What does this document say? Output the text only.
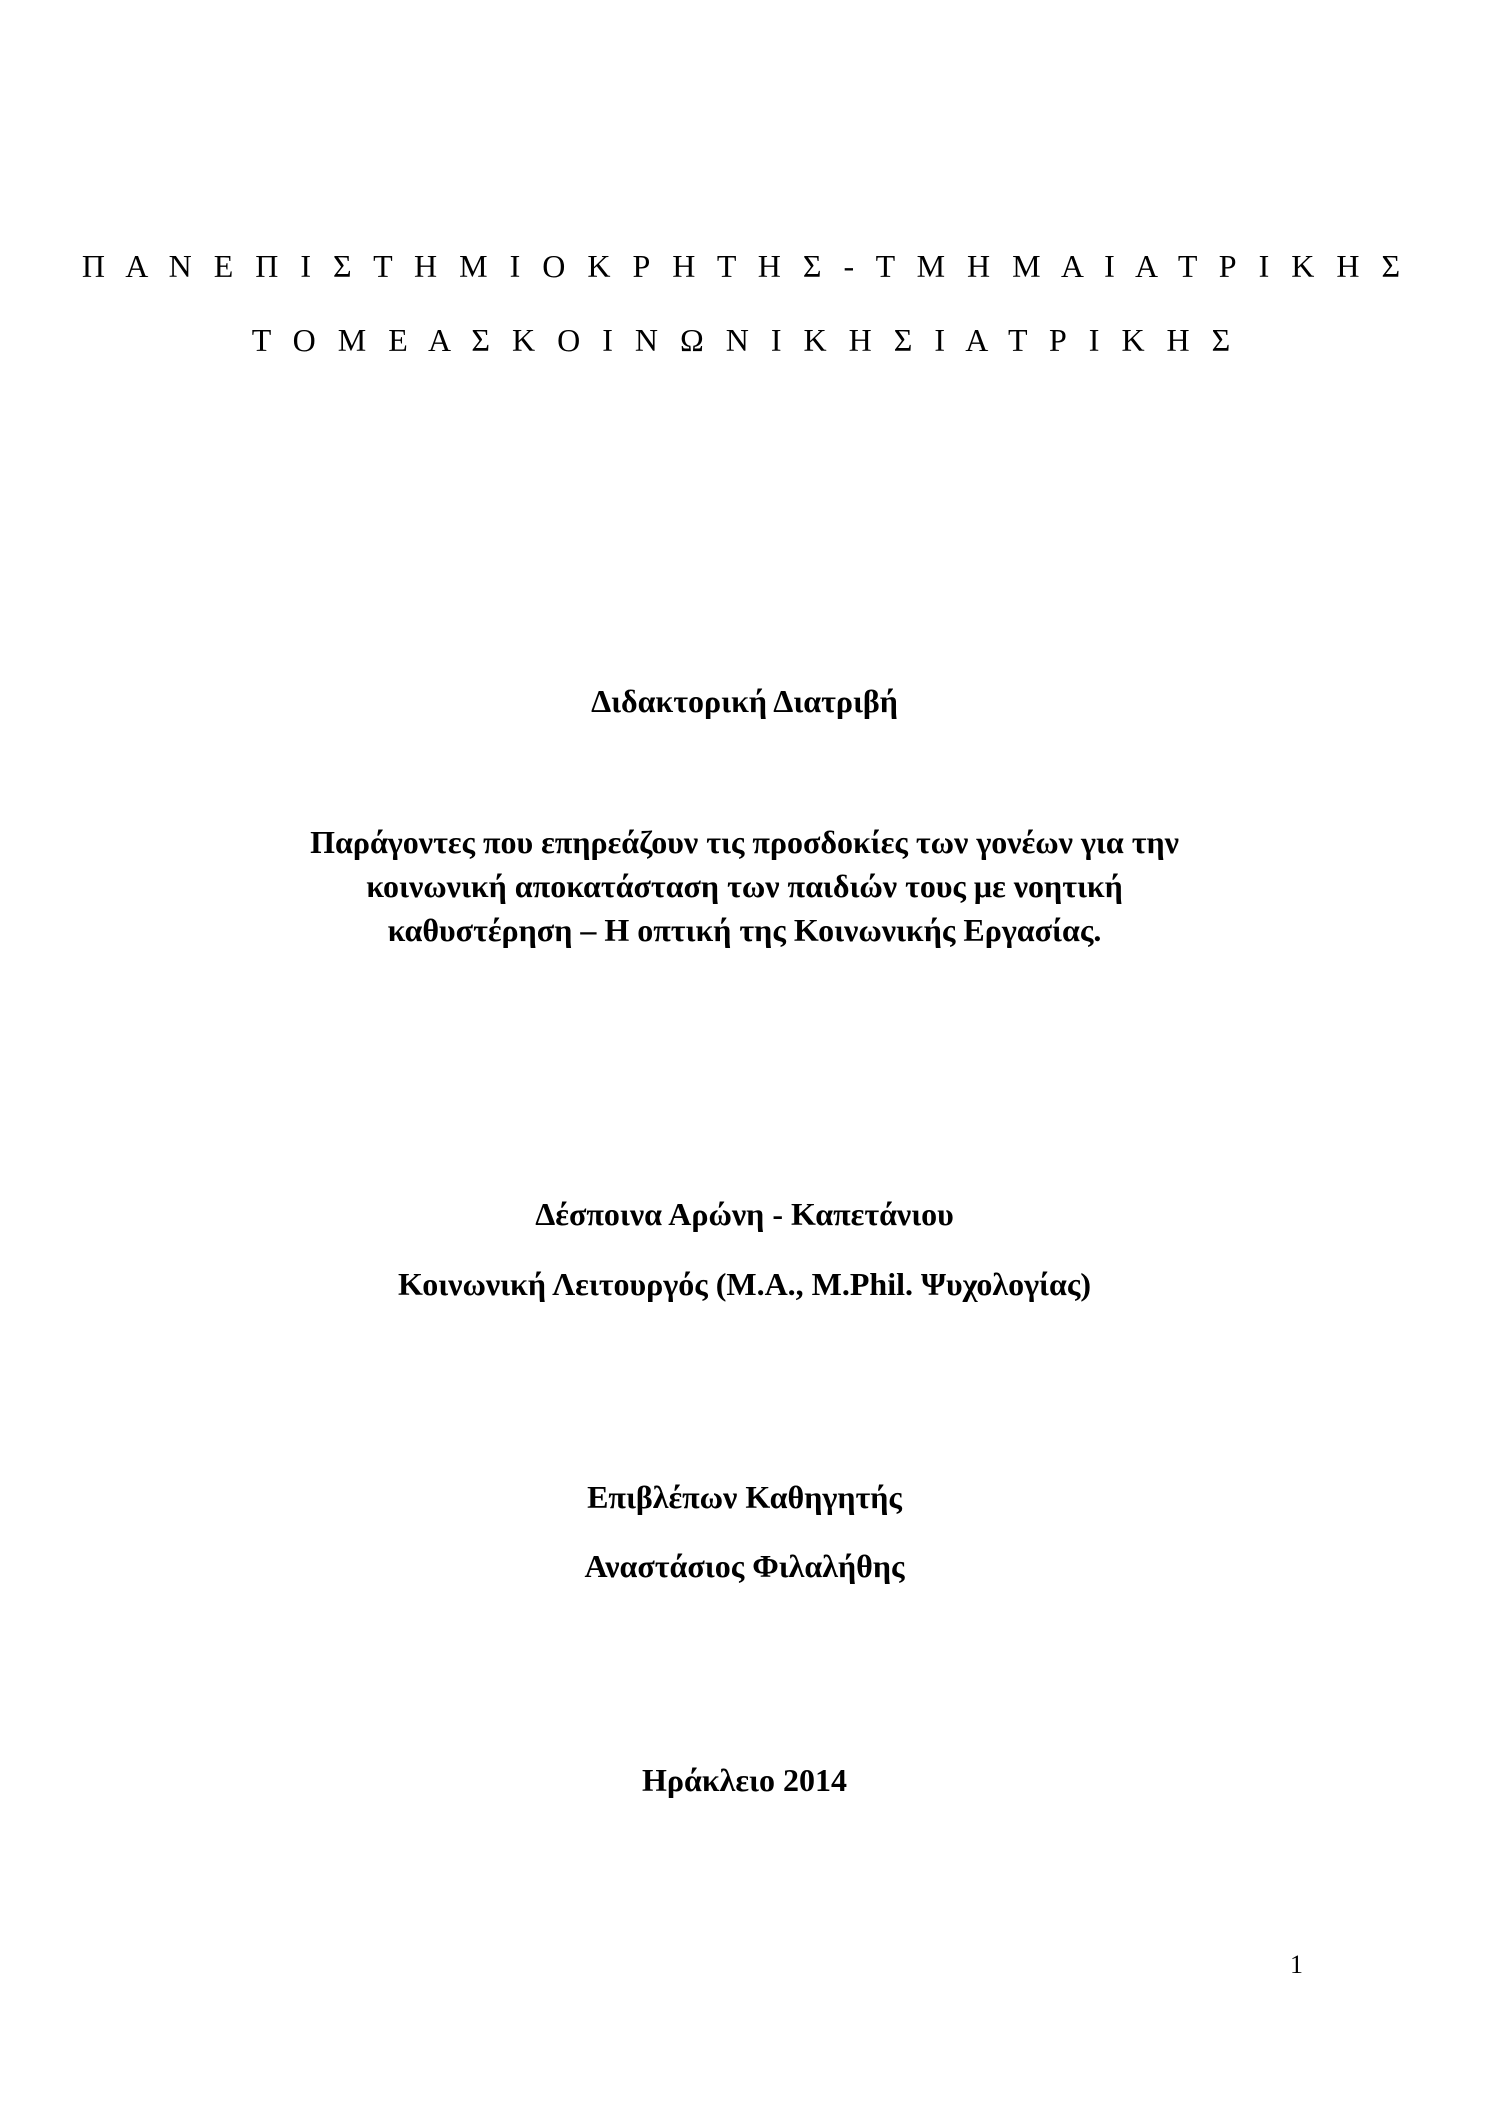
Π Α Ν Ε Π Ι Σ Τ Η Μ Ι Ο Κ Ρ Η Τ Η Σ - Τ Μ Η Μ Α Ι Α Τ Ρ Ι Κ Η Σ
Τ Ο Μ Ε Α Σ Κ Ο Ι Ν Ω Ν Ι Κ Η Σ Ι Α Τ Ρ Ι Κ Η Σ
Διδακτορική Διατριβή
Παράγοντες που επηρεάζουν τις προσδοκίες των γονέων για την
κοινωνική αποκατάσταση των παιδιών τους με νοητική
καθυστέρηση – Η οπτική της Κοινωνικής Εργασίας.
Δέσποινα Αρώνη - Καπετάνιου
Κοινωνική Λειτουργός (M.A., M.Phil. Ψυχολογίας)
Επιβλέπων Καθηγητής
Αναστάσιος Φιλαλήθης
Ηράκλειο 2014
1
